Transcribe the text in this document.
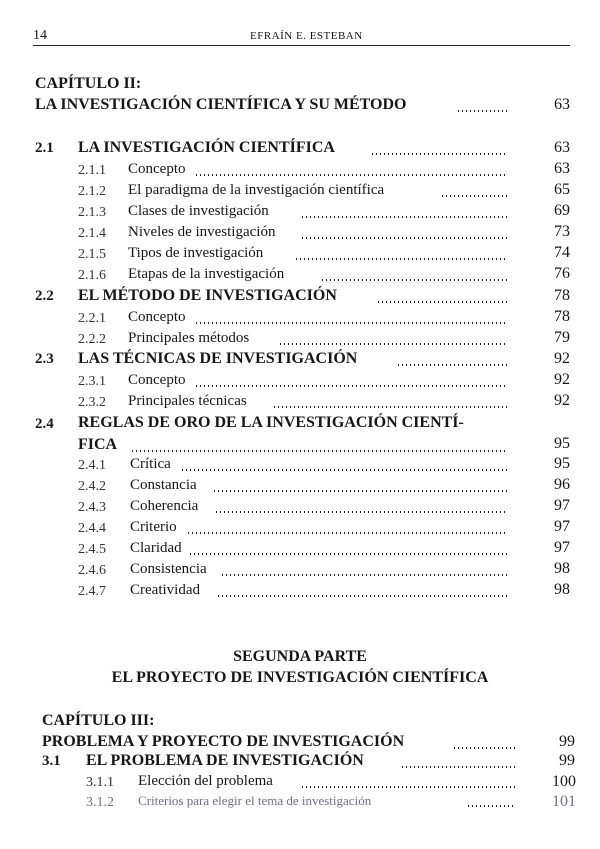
14	EFRAÍN E. ESTEBAN
CAPÍTULO II:
LA INVESTIGACIÓN CIENTÍFICA Y SU MÉTODO	63
2.1 LA INVESTIGACIÓN CIENTÍFICA	63
2.1.1 Concepto	63
2.1.2 El paradigma de la investigación científica	65
2.1.3 Clases de investigación	69
2.1.4 Niveles de investigación	73
2.1.5 Tipos de investigación	74
2.1.6 Etapas de la investigación	76
2.2 EL MÉTODO DE INVESTIGACIÓN	78
2.2.1 Concepto	78
2.2.2 Principales métodos	79
2.3 LAS TÉCNICAS DE INVESTIGACIÓN	92
2.3.1 Concepto	92
2.3.2 Principales técnicas	92
2.4 REGLAS DE ORO DE LA INVESTIGACIÓN CIENTÍ-
FICA	95
2.4.1 Crítica	95
2.4.2 Constancia	96
2.4.3 Coherencia	97
2.4.4 Criterio	97
2.4.5 Claridad	97
2.4.6 Consistencia	98
2.4.7 Creatividad	98
SEGUNDA PARTE
EL PROYECTO DE INVESTIGACIÓN CIENTÍFICA
CAPÍTULO III:
PROBLEMA Y PROYECTO DE INVESTIGACIÓN	99
3.1 EL PROBLEMA DE INVESTIGACIÓN	99
3.1.1 Elección del problema	100
3.1.2 Criterios para elegir el tema de investigación	101
